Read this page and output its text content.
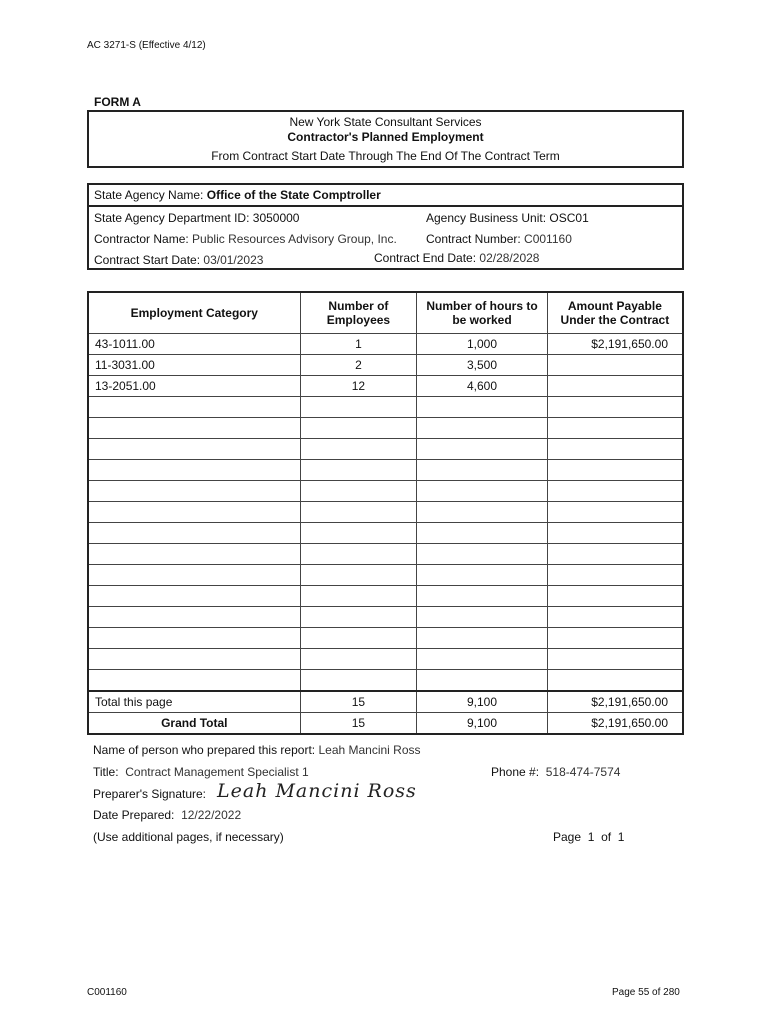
AC 3271-S (Effective 4/12)
FORM A
New York State Consultant Services
Contractor's Planned Employment
From Contract Start Date Through The End Of The Contract Term
State Agency Name: Office of the State Comptroller
State Agency Department ID: 3050000	Agency Business Unit: OSC01
Contractor Name: Public Resources Advisory Group, Inc. Contract Number: C001160
Contract Start Date: 03/01/2023	Contract End Date: 02/28/2028
Employment Category	Number of Employees	Number of hours to be worked	Amount Payable Under the Contract
43-1011.00	1	1,000	$2,191,650.00
11-3031.00	2	3,500	
13-2051.00	12	4,600	

Total this page	15	9,100	$2,191,650.00
Grand Total	15	9,100	$2,191,650.00
Name of person who prepared this report: Leah Mancini Ross
Title: Contract Management Specialist 1	Phone #: 518-474-7574
Preparer's Signature: Leah Mancini Ross
Date Prepared: 12/22/2022
(Use additional pages, if necessary)	Page 1 of 1
C001160	Page 55 of 280
